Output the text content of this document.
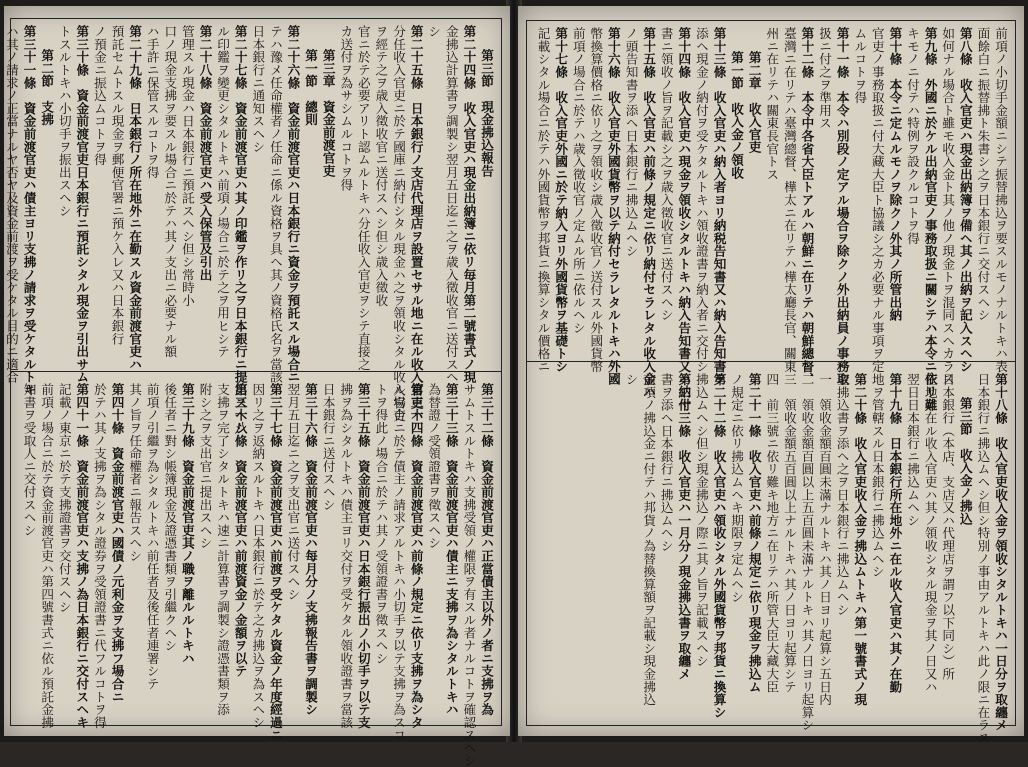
第三節　現金拂込報告
第二十四條　收入官吏ハ現金出納簿ニ依リ毎月第二號書式ノ現
金拂込計算書ヲ調製シ翌月五日迄ニ之ヲ歳入徵收官ニ送付スヘ
シ
第二十五條　日本銀行ノ支店代理店ヲ設置セサル地ニ在ル收入官吏ハ
分任收入官吏ニ於テ國庫ニ納付シタル現金ハ之ヲ領收シタル收入官吏
ヲ經テ之ヲ歳入徵收官ニ送付スヘシ但シ歳入徵收
官ニ於テ必要アリト認ムルトキハ分任收入官吏ヲシテ直接之
カ送付ヲ為サシムルコトヲ得
第三章　資金前渡官吏
第一節　總則
第二十六條　資金前渡官吏ハ日本銀行ニ資金ヲ預託スル場合ニ
テハ豫メ任命權者ノ任命ニ係ル資格ヲ具ヘ其ノ資格氏名ヲ當該
日本銀行ニ通知スヘシ
第二十七條　資金前渡官吏ハ其ノ印鑑ヲ作リ之ヲ日本銀行ニ提出スヘシ
ル印鑑ヲ變更シタルトキハ前項ノ場合ニ於テ之ヲ用ヒシテ
第二十八條　資金前渡官吏ハ受入保管及引出
管理スル現金ハ日本銀行ニ預託スヘシ但シ常時小
口ノ現金支拂ヲ要スル場合ニ於テハ其ノ支出ニ必要ナル額
ハ手許ニ保管スルコトヲ得
第二十九條　日本銀行ノ所在地外ニ在勤スル資金前渡官吏ハ
預託セムトスル現金ヲ郵便官署ニ預ケ入レ又ハ日本銀行
ノ預金ニ振込ムコトヲ得
第三十條　資金前渡官吏日本銀行ニ預託シタル現金ヲ引出サム
トスルトキハ小切手ヲ振出スヘシ
第二節　支拂
第三十一條　資金前渡官吏ハ債主ヨリ支拂ノ請求ヲ受ケタルトキ
ハ其ノ請求ノ正當ナルヤ否ヤ及資金前渡ヲ受ケタル目的ニ適合
第三十二條　資金前渡官吏ハ正當債主以外ノ者ニ支拂ヲ為
サムトスルトキハ支拂受領ノ權限ヲ有スル者ナルコトヲ確認スヘシ
第三十三條　資金前渡官吏ハ債主ニ支拂ヲ為シタルトキハ
為替證ノ受領證書ヲ徵スヘシ
第三十四條　資金前渡官吏ハ前條ノ規定ニ依リ支拂ヲ為シタ
ル場合ニ於テ債主ノ請求アルトキハ小切手ヲ以テ支拂ヲ為スコ
トヲ得此ノ場合ニ於テハ其ノ受領證書ヲ徵スヘシ
第三十五條　資金前渡官吏ハ日本銀行振出ノ小切手ヲ以テ支
拂ヲ為シタルトキハ債主ヨリ交付ヲ受ケタル領收證書ヲ當該
日本銀行ニ送付スヘシ
第三十六條　資金前渡官吏ハ每月分ノ支拂報告書ヲ調製シ
翌月五日迄ニ之ヲ支出官ニ送付スヘシ
第三十七條　資金前渡官吏ハ前渡ヲ受ケタル資金ノ年度經過ニ
因リ之ヲ返納スルトキハ日本銀行ニ於テ之カ拂込ヲ為スヘシ
第三十八條　資金前渡官吏ハ前渡資金ノ金額ヲ以テ
支拂ヲ完了シタルトキハ速ニ計算書ヲ調製シ證憑書類ヲ添
附シ之ヲ支出官ニ提出スヘシ
第三十九條　資金前渡官吏其ノ職ヲ離ルルトキハ
後任者ニ對シ帳簿現金及證憑書類ヲ引繼クヘシ
前項ノ引繼ヲ為シタルトキハ前任者及後任者連署シテ
其ノ旨ヲ任命權者ニ報告スヘシ
第四十條　資金前渡官吏ハ國債ノ元利金ヲ支拂フ場合ニ
於テハ其ノ支拂ヲ為シタル證券ヲ受領證書ニ代フルコトヲ得
第四十一條　資金前渡官吏ハ支拂ノ為日本銀行ニ交付スヘキ
記載ノ東京ニ於テ支拂證書ヲ交付スヘシ
前項ノ場合ニ於テ資金前渡官吏ハ第四號書式ニ依ル預託金拂
知書ヲ受取人ニ交付スヘシ
前項ノ小切手金額ニシテ振替拂込ヲ要スルモノナルトキハ表
面餘白ニ振替拂ト朱書シ之ヲ日本銀行ニ交付スヘシ
第八條　收入官吏ハ現金出納簿ヲ備ヘ其ノ出納ヲ記入スヘシ
如何ナル場合ト雖モ收入金ト其ノ他ノ現金トヲ混同スヘカラス
第九條　外國ニ於ケル出納官吏ノ事務取扱ニ關シテハ本令ニ依リ難
キモノニ付テハ特例ヲ設クルコトヲ得
第十條　本令ニ定ムルモノヲ除クノ外其ノ所管出納
官吏ノ事務取扱ニ付大藏大臣ト協議シ之カ必要ナル事項ヲ定
ムルコトヲ得
第十一條　本令ハ別段ノ定アル場合ヲ除クノ外出納員ノ事務取
扱ニ付之ヲ準用ス
第十二條　本令中各省大臣トアルハ朝鮮ニ在リテハ朝鮮總督、
臺灣ニ在リテハ臺灣總督、樺太ニ在リテハ樺太廳長官、關東
州ニ在リテハ關東長官トス
第二章　收入官吏
第一節　收入金ノ領收
第十三條　收入官吏ハ納入者ヨリ納税告知書又ハ納入告知書ヲ
添ヘ現金ノ納付ヲ受ケタルトキハ領收證書ヲ納入者ニ交付シ
第十四條　收入官吏ハ現金ヲ領收シタルトキハ納入告知書又ハ納付
書ニ領收ノ旨ヲ記載シ之ヲ歳入徵收官ニ送付スヘシ
第十五條　收入官吏ハ前條ノ規定ニ依リ納付セラレタル收入金ハ
ノ頭告知書ヲ添ヘ日本銀行ニ拂込ムヘシ
第十六條　收入官吏外國貨幣ヲ以テ納付セラレタルトキハ外國
幣換算價格ニ依リ之ヲ領收シ歳入徵收官ノ送付スル外國貨幣
前項ノ場合ニ於テハ歳入徵收官ノ定ムル所ニ依ルヘシ
第十七條　收入官吏外國ニ於テ納入ヨリ外國貨幣ヲ基礎トシ
記載シタル場合ニ於テハ外國貨幣ヲ邦貨ニ換算シタル價格ニ
第十八條　收入官吏收入金ヲ領收シタルトキハ一日分ヲ取纏メ
日本銀行ニ拂込ムヘシ但シ特別ノ事由アルトキハ此ノ限ニ在ラス
第三節　收入金ノ拂込
日本銀行（本店、支店又ハ代理店ヲ謂フ以下同シ）所
在地ニ在ル收入官吏ハ其ノ領收シタル現金ヲ其ノ日又ハ
翌日日本銀行ニ拂込ムヘシ
第十九條　日本銀行所在地外ニ在ル收入官吏ハ其ノ在勤
地ヲ管轄スル日本銀行ニ拂込ムヘシ
第二十條　收入官吏收入金ヲ拂込ムトキハ第一號書式ノ現
金拂込書ヲ添ヘ之ヲ日本銀行ニ拂込ムヘシ
一　領收金額百圓未滿ナルトキハ其ノ日ヨリ起算シ五日内
二　領收金額百圓以上五百圓未滿ナルトキハ其ノ日ヨリ起算シ
三　領收金額五百圓以上ナルトキハ其ノ日ヨリ起算シテ
四　前三號ニ依リ難キ地方ニ在リテハ所管大臣大藏大臣
第二十一條　收入官吏ハ前條ノ規定ニ依リ現金ヲ拂込ム
ノ規定ニ依リ拂込ムヘキ期限ヲ定ムヘシ
第二十二條　收入官吏ハ領收シタル外國貨幣ヲ邦貨ニ換算シ
拂込ムヘシ但シ現金拂込ノ際ニ其ノ旨ヲ記載スヘシ
第二十三條　收入官吏ハ一月分ノ現金拂込書ヲ取纏メ
書ヲ添ヘ日本銀行ニ拂込ムヘシ
前項ノ拂込金ニ付テハ邦貨ノ為替換算額ヲ記載シ現金拂込
シ
